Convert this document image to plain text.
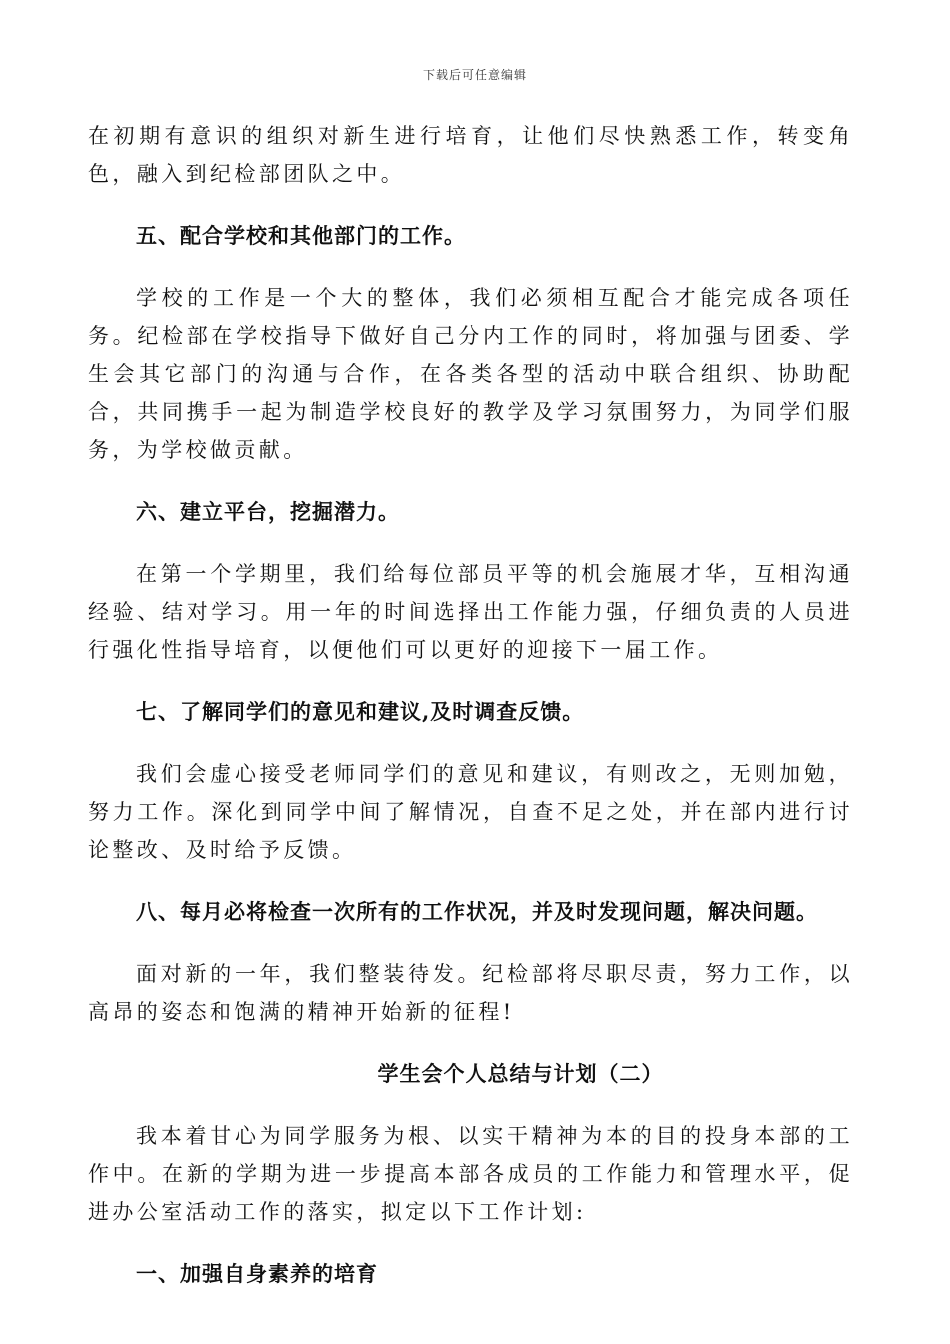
下载后可任意编辑

在初期有意识的组织对新生进行培育，让他们尽快熟悉工作，转变角色，融入到纪检部团队之中。

五、配合学校和其他部门的工作。

学校的工作是一个大的整体，我们必须相互配合才能完成各项任务。纪检部在学校指导下做好自己分内工作的同时，将加强与团委、学生会其它部门的沟通与合作，在各类各型的活动中联合组织、协助配合，共同携手一起为制造学校良好的教学及学习氛围努力，为同学们服务，为学校做贡献。

六、建立平台，挖掘潜力。

在第一个学期里，我们给每位部员平等的机会施展才华，互相沟通经验、结对学习。用一年的时间选择出工作能力强，仔细负责的人员进行强化性指导培育，以便他们可以更好的迎接下一届工作。

七、了解同学们的意见和建议,及时调查反馈。

我们会虚心接受老师同学们的意见和建议，有则改之，无则加勉，努力工作。深化到同学中间了解情况，自查不足之处，并在部内进行讨论整改、及时给予反馈。

八、每月必将检查一次所有的工作状况，并及时发现问题，解决问题。

面对新的一年，我们整装待发。纪检部将尽职尽责，努力工作，以高昂的姿态和饱满的精神开始新的征程!

学生会个人总结与计划（二）

我本着甘心为同学服务为根、以实干精神为本的目的投身本部的工作中。在新的学期为进一步提高本部各成员的工作能力和管理水平，促进办公室活动工作的落实，拟定以下工作计划:

一、加强自身素养的培育
